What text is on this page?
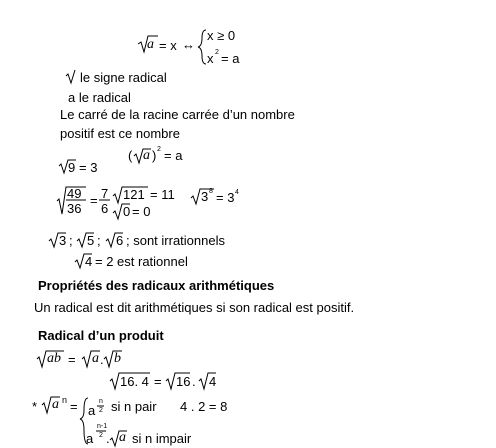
a = x ↔
x ≥ 0
x 2 = a
le signe radical
a le radical
Le carré de la racine carrée d’un nombre
positif est ce nombre
9 = 3
( a ) 2 = a
49
36
= 7
6
121 = 11
0 = 0
3 8 = 3 4
3 ; 5 ; 6 ; sont irrationnels
4 = 2 est rationnel
Propriétés des radicaux arithmétiques
Un radical est dit arithmétiques si son radical est positif.
Radical d’un produit
ab = a . b
16. 4 = 16 . 4
* a n = a
n
2 si n pair 4 . 2 = 8
a
n-1
2 . a si n impair
